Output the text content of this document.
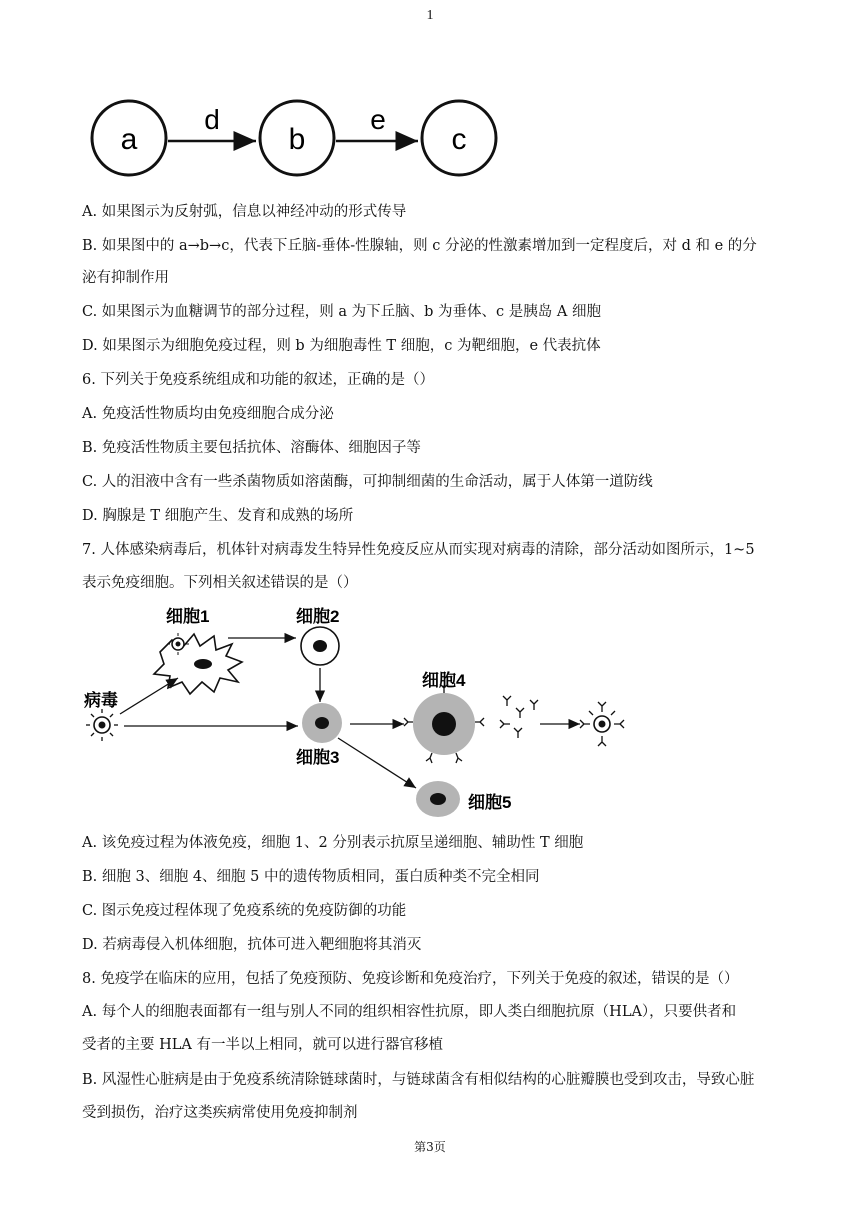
1
a	b	c
d	e
A. 如果图示为反射弧，信息以神经冲动的形式传导
B. 如果图中的 a→b→c，代表下丘脑-垂体-性腺轴，则 c 分泌的性激素增加到一定程度后，对 d 和 e 的分
泌有抑制作用
C. 如果图示为血糖调节的部分过程，则 a 为下丘脑、b 为垂体、c 是胰岛 A 细胞
D. 如果图示为细胞免疫过程，则 b 为细胞毒性 T 细胞，c 为靶细胞，e 代表抗体
6. 下列关于免疫系统组成和功能的叙述，正确的是（）
A. 免疫活性物质均由免疫细胞合成分泌
B. 免疫活性物质主要包括抗体、溶酶体、细胞因子等
C. 人的泪液中含有一些杀菌物质如溶菌酶，可抑制细菌的生命活动，属于人体第一道防线
D. 胸腺是 T 细胞产生、发育和成熟的场所
7. 人体感染病毒后，机体针对病毒发生特异性免疫反应从而实现对病毒的清除，部分活动如图所示，1~5
表示免疫细胞。下列相关叙述错误的是（）
细胞1	细胞2
病毒
细胞3
细胞4
细胞5
A. 该免疫过程为体液免疫，细胞 1、2 分别表示抗原呈递细胞、辅助性 T 细胞
B. 细胞 3、细胞 4、细胞 5 中的遗传物质相同，蛋白质种类不完全相同
C. 图示免疫过程体现了免疫系统的免疫防御的功能
D. 若病毒侵入机体细胞，抗体可进入靶细胞将其消灭
8. 免疫学在临床的应用，包括了免疫预防、免疫诊断和免疫治疗，下列关于免疫的叙述，错误的是（）
A. 每个人的细胞表面都有一组与别人不同的组织相容性抗原，即人类白细胞抗原（HLA），只要供者和
受者的主要 HLA 有一半以上相同，就可以进行器官移植
B. 风湿性心脏病是由于免疫系统清除链球菌时，与链球菌含有相似结构的心脏瓣膜也受到攻击，导致心脏
受到损伤，治疗这类疾病常使用免疫抑制剂
第3页
